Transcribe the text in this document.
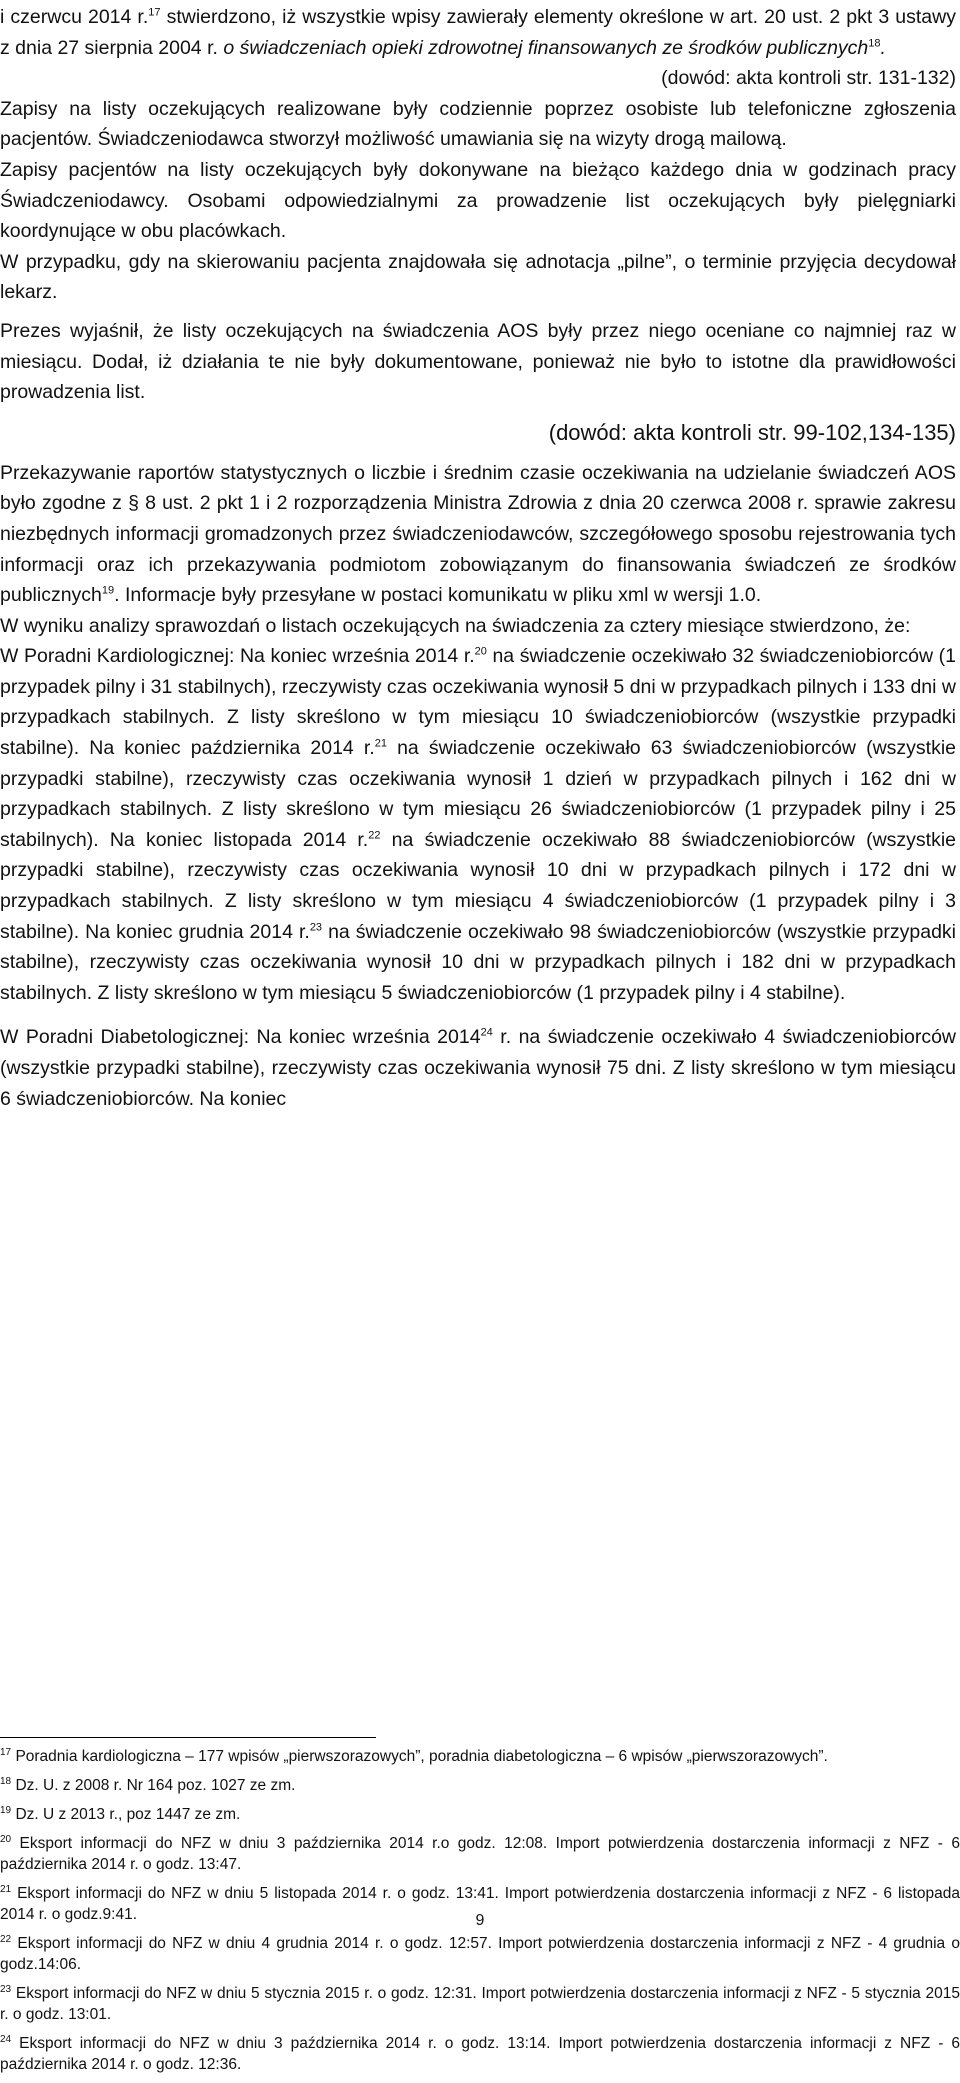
i czerwcu 2014 r.$^{17}$ stwierdzono, iż wszystkie wpisy zawierały elementy określone w art. 20 ust. 2 pkt 3 ustawy z dnia 27 sierpnia 2004 r. o świadczeniach opieki zdrowotnej finansowanych ze środków publicznych$^{18}$.

(dowód: akta kontroli str. 131-132)

Zapisy na listy oczekujących realizowane były codziennie poprzez osobiste lub telefoniczne zgłoszenia pacjentów. Świadczeniodawca stworzył możliwość umawiania się na wizyty drogą mailową.

Zapisy pacjentów na listy oczekujących były dokonywane na bieżąco każdego dnia w godzinach pracy Świadczeniodawcy. Osobami odpowiedzialnymi za prowadzenie list oczekujących były pielęgniarki koordynujące w obu placówkach.

W przypadku, gdy na skierowaniu pacjenta znajdowała się adnotacja „pilne”, o terminie przyjęcia decydował lekarz.

Prezes wyjaśnił, że listy oczekujących na świadczenia AOS były przez niego oceniane co najmniej raz w miesiącu. Dodał, iż działania te nie były dokumentowane, ponieważ nie było to istotne dla prawidłowości prowadzenia list.

(dowód: akta kontroli str. 99-102,134-135)

Przekazywanie raportów statystycznych o liczbie i średnim czasie oczekiwania na udzielanie świadczeń AOS było zgodne z § 8 ust. 2 pkt 1 i 2 rozporządzenia Ministra Zdrowia z dnia 20 czerwca 2008 r. sprawie zakresu niezbędnych informacji gromadzonych przez świadczeniodawców, szczegółowego sposobu rejestrowania tych informacji oraz ich przekazywania podmiotom zobowiązanym do finansowania świadczeń ze środków publicznych$^{19}$. Informacje były przesyłane w postaci komunikatu w pliku xml w wersji 1.0.

W wyniku analizy sprawozdań o listach oczekujących na świadczenia za cztery miesiące stwierdzono, że:

W Poradni Kardiologicznej: Na koniec września 2014 r.$^{20}$ na świadczenie oczekiwało 32 świadczeniobiorców (1 przypadek pilny i 31 stabilnych), rzeczywisty czas oczekiwania wynosił 5 dni w przypadkach pilnych i 133 dni w przypadkach stabilnych. Z listy skreślono w tym miesiącu 10 świadczeniobiorców (wszystkie przypadki stabilne). Na koniec października 2014 r.$^{21}$ na świadczenie oczekiwało 63 świadczeniobiorców (wszystkie przypadki stabilne), rzeczywisty czas oczekiwania wynosił 1 dzień w przypadkach pilnych i 162 dni w przypadkach stabilnych. Z listy skreślono w tym miesiącu 26 świadczeniobiorców (1 przypadek pilny i 25 stabilnych). Na koniec listopada 2014 r.$^{22}$ na świadczenie oczekiwało 88 świadczeniobiorców (wszystkie przypadki stabilne), rzeczywisty czas oczekiwania wynosił 10 dni w przypadkach pilnych i 172 dni w przypadkach stabilnych. Z listy skreślono w tym miesiącu 4 świadczeniobiorców (1 przypadek pilny i 3 stabilne). Na koniec grudnia 2014 r.$^{23}$ na świadczenie oczekiwało 98 świadczeniobiorców (wszystkie przypadki stabilne), rzeczywisty czas oczekiwania wynosił 10 dni w przypadkach pilnych i 182 dni w przypadkach stabilnych. Z listy skreślono w tym miesiącu 5 świadczeniobiorców (1 przypadek pilny i 4 stabilne).

W Poradni Diabetologicznej: Na koniec września 2014$^{24}$ r. na świadczenie oczekiwało 4 świadczeniobiorców (wszystkie przypadki stabilne), rzeczywisty czas oczekiwania wynosił 75 dni. Z listy skreślono w tym miesiącu 6 świadczeniobiorców. Na koniec

$^{17}$ Poradnia kardiologiczna – 177 wpisów „pierwszorazowych”, poradnia diabetologiczna – 6 wpisów „pierwszorazowych”.

$^{18}$ Dz. U. z 2008 r. Nr 164 poz. 1027 ze zm.

$^{19}$ Dz. U z 2013 r., poz 1447 ze zm.

$^{20}$ Eksport informacji do NFZ w dniu 3 października 2014 r.o godz. 12:08. Import potwierdzenia dostarczenia informacji z NFZ - 6 października 2014 r. o godz. 13:47.

$^{21}$ Eksport informacji do NFZ w dniu 5 listopada 2014 r. o godz. 13:41. Import potwierdzenia dostarczenia informacji z NFZ - 6 listopada 2014 r. o godz.9:41.

$^{22}$ Eksport informacji do NFZ w dniu 4 grudnia 2014 r. o godz. 12:57. Import potwierdzenia dostarczenia informacji z NFZ - 4 grudnia o godz.14:06.

$^{23}$ Eksport informacji do NFZ w dniu 5 stycznia 2015 r. o godz. 12:31. Import potwierdzenia dostarczenia informacji z NFZ - 5 stycznia 2015 r. o godz. 13:01.

$^{24}$ Eksport informacji do NFZ w dniu 3 października 2014 r. o godz. 13:14. Import potwierdzenia dostarczenia informacji z NFZ - 6 października 2014 r. o godz. 12:36.

9
